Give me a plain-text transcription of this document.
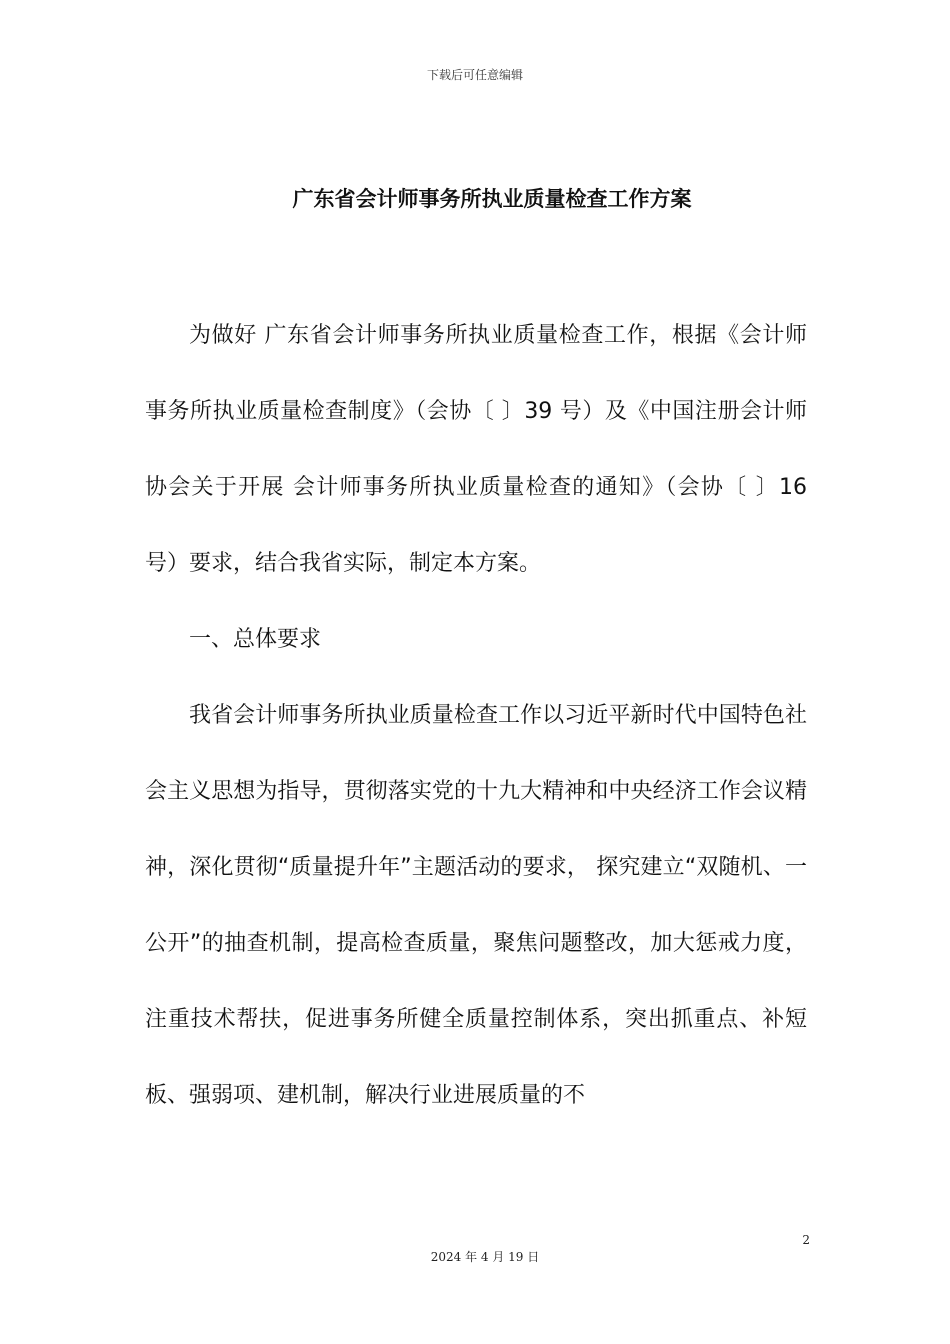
下载后可任意编辑
广东省会计师事务所执业质量检查工作方案

为做好 广东省会计师事务所执业质量检查工作，根据《会计师事务所执业质量检查制度》（会协〔 〕39 号）及《中国注册会计师协会关于开展 会计师事务所执业质量检查的通知》（会协〔 〕16 号）要求，结合我省实际，制定本方案。

一、总体要求

我省会计师事务所执业质量检查工作以习近平新时代中国特色社会主义思想为指导，贯彻落实党的十九大精神和中央经济工作会议精神，深化贯彻“质量提升年”主题活动的要求， 探究建立“双随机、一公开”的抽查机制，提高检查质量，聚焦问题整改，加大惩戒力度，注重技术帮扶，促进事务所健全质量控制体系，突出抓重点、补短板、强弱项、建机制，解决行业进展质量的不

2
2024 年 4 月 19 日
